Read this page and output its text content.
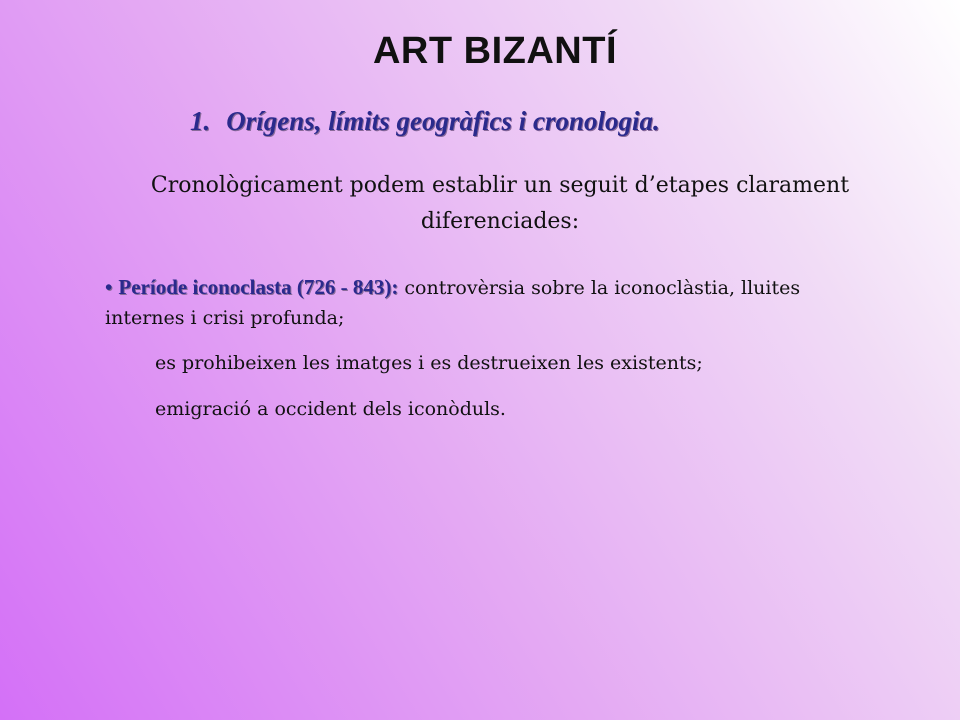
ART BIZANTÍ
1. Orígens, límits geogràfics i cronologia.
Cronològicament podem establir un seguit d’etapes clarament diferenciades:
• Període iconoclasta (726 - 843): controvèrsia sobre la iconoclàstia, lluites internes i crisi profunda;
es prohibeixen les imatges i es destrueixen les existents;
emigració a occident dels iconòduls.
